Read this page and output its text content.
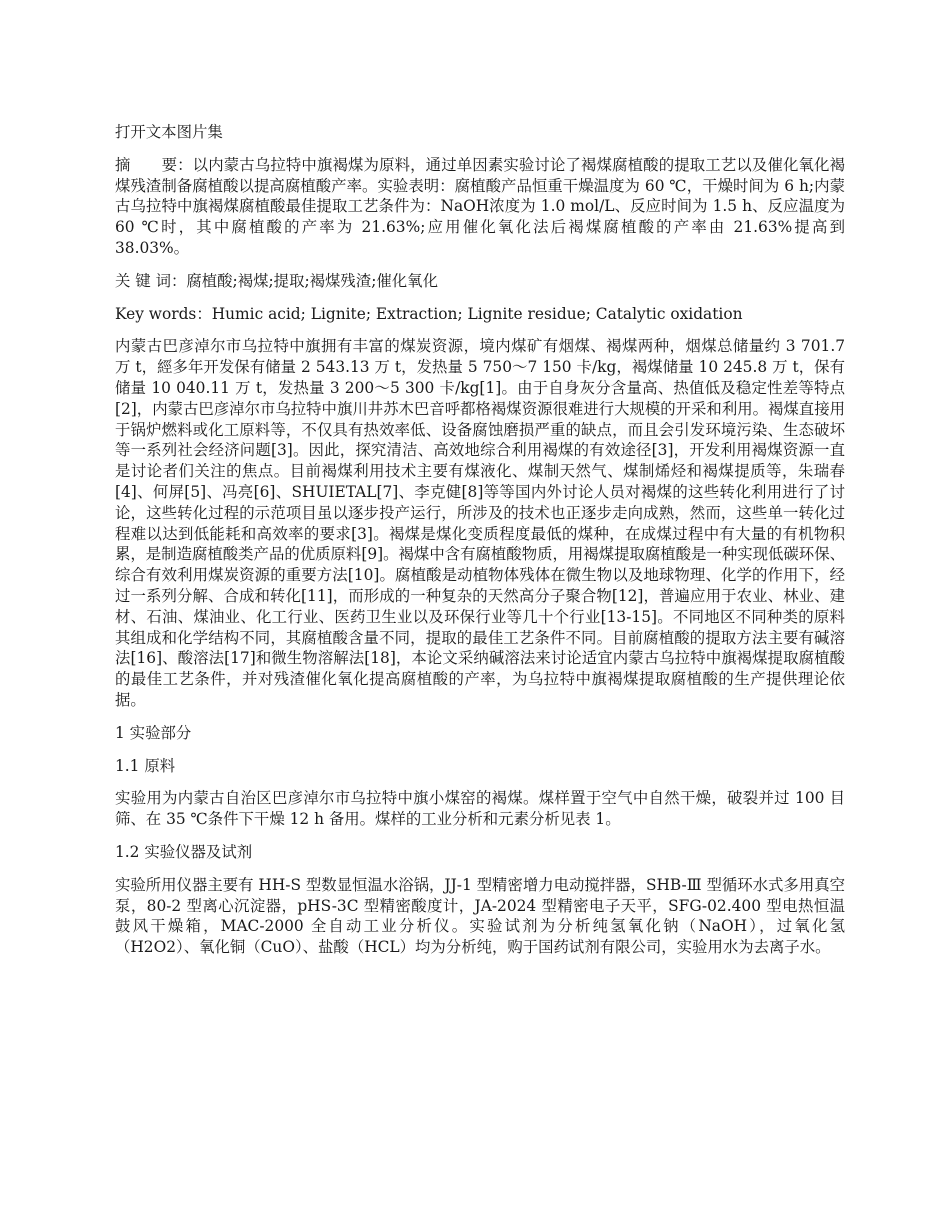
打开文本图片集

摘　　要：以内蒙古乌拉特中旗褐煤为原料，通过单因素实验讨论了褐煤腐植酸的提取工艺以及催化氧化褐煤残渣制备腐植酸以提高腐植酸产率。实验表明：腐植酸产品恒重干燥温度为 60 ℃，干燥时间为 6 h;内蒙古乌拉特中旗褐煤腐植酸最佳提取工艺条件为：NaOH浓度为 1.0 mol/L、反应时间为 1.5 h、反应温度为 60 ℃时，其中腐植酸的产率为 21.63%;应用催化氧化法后褐煤腐植酸的产率由 21.63%提高到 38.03%。

关 键 词：腐植酸;褐煤;提取;褐煤残渣;催化氧化

Key words：Humic acid; Lignite; Extraction; Lignite residue; Catalytic oxidation

内蒙古巴彦淖尔市乌拉特中旗拥有丰富的煤炭资源，境内煤矿有烟煤、褐煤两种，烟煤总储量约 3 701.7 万 t，經多年开发保有储量 2 543.13 万 t，发热量 5 750～7 150 卡/kg，褐煤储量 10 245.8 万 t，保有储量 10 040.11 万 t，发热量 3 200～5 300 卡/kg[1]。由于自身灰分含量高、热值低及稳定性差等特点[2]，内蒙古巴彦淖尔市乌拉特中旗川井苏木巴音呼都格褐煤资源很难进行大规模的开采和利用。褐煤直接用于锅炉燃料或化工原料等，不仅具有热效率低、设备腐蚀磨损严重的缺点，而且会引发环境污染、生态破坏等一系列社会经济问题[3]。因此，探究清洁、高效地综合利用褐煤的有效途径[3]，开发利用褐煤资源一直是讨论者们关注的焦点。目前褐煤利用技术主要有煤液化、煤制天然气、煤制烯烃和褐煤提质等，朱瑞春[4]、何屏[5]、冯亮[6]、SHUIETAL[7]、李克健[8]等等国内外讨论人员对褐煤的这些转化利用进行了讨论，这些转化过程的示范项目虽以逐步投产运行，所涉及的技术也正逐步走向成熟，然而，这些单一转化过程难以达到低能耗和高效率的要求[3]。褐煤是煤化变质程度最低的煤种，在成煤过程中有大量的有机物积累，是制造腐植酸类产品的优质原料[9]。褐煤中含有腐植酸物质，用褐煤提取腐植酸是一种实现低碳环保、综合有效利用煤炭资源的重要方法[10]。腐植酸是动植物体残体在微生物以及地球物理、化学的作用下，经过一系列分解、合成和转化[11]，而形成的一种复杂的天然高分子聚合物[12]，普遍应用于农业、林业、建材、石油、煤油业、化工行业、医药卫生业以及环保行业等几十个行业[13-15]。不同地区不同种类的原料其组成和化学结构不同，其腐植酸含量不同，提取的最佳工艺条件不同。目前腐植酸的提取方法主要有碱溶法[16]、酸溶法[17]和微生物溶解法[18]，本论文采纳碱溶法来讨论适宜内蒙古乌拉特中旗褐煤提取腐植酸的最佳工艺条件，并对残渣催化氧化提高腐植酸的产率，为乌拉特中旗褐煤提取腐植酸的生产提供理论依据。

1 实验部分

1.1 原料

实验用为内蒙古自治区巴彦淖尔市乌拉特中旗小煤窑的褐煤。煤样置于空气中自然干燥，破裂并过 100 目筛、在 35 ℃条件下干燥 12 h 备用。煤样的工业分析和元素分析见表 1。

1.2 实验仪器及试剂

实验所用仪器主要有 HH-S 型数显恒温水浴锅，JJ-1 型精密增力电动搅拌器，SHB-Ⅲ 型循环水式多用真空泵，80-2 型离心沉淀器，pHS-3C 型精密酸度计，JA-2024 型精密电子天平，SFG-02.400 型电热恒温鼓风干燥箱，MAC-2000 全自动工业分析仪。实验试剂为分析纯氢氧化钠（NaOH），过氧化氢（H2O2）、氧化铜（CuO）、盐酸（HCL）均为分析纯，购于国药试剂有限公司，实验用水为去离子水。
